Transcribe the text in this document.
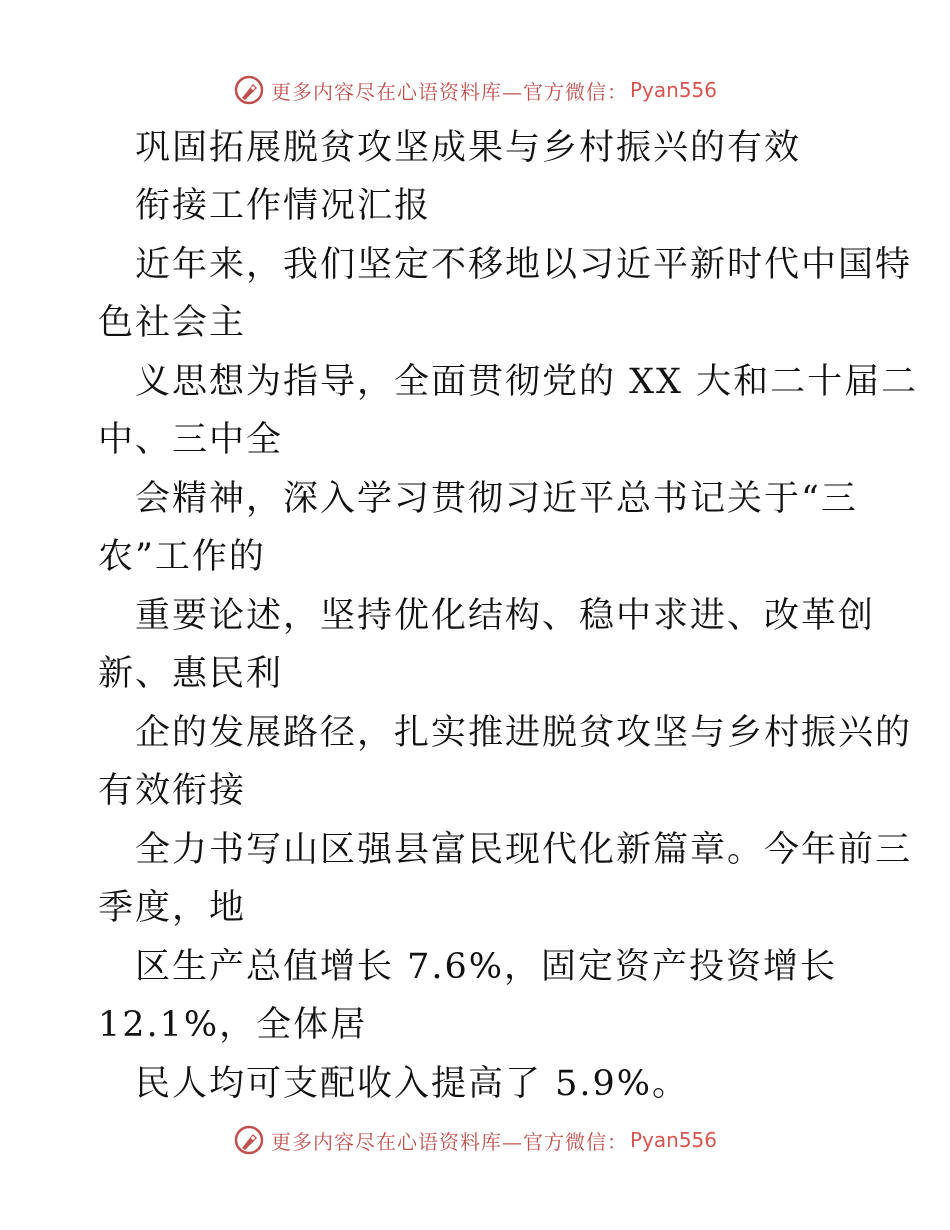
更多内容尽在心语资料库—官方微信： Pyan556
巩固拓展脱贫攻坚成果与乡村振兴的有效
衔接工作情况汇报
近年来，我们坚定不移地以习近平新时代中国特
色社会主
义思想为指导，全面贯彻党的 XX 大和二十届二
中、三中全
会精神，深入学习贯彻习近平总书记关于“三
农”工作的
重要论述，坚持优化结构、稳中求进、改革创
新、惠民利
企的发展路径，扎实推进脱贫攻坚与乡村振兴的
有效衔接
全力书写山区强县富民现代化新篇章。今年前三
季度，地
区生产总值增长 7.6%，固定资产投资增长
12.1%，全体居
民人均可支配收入提高了 5.9%。
更多内容尽在心语资料库—官方微信： Pyan556
